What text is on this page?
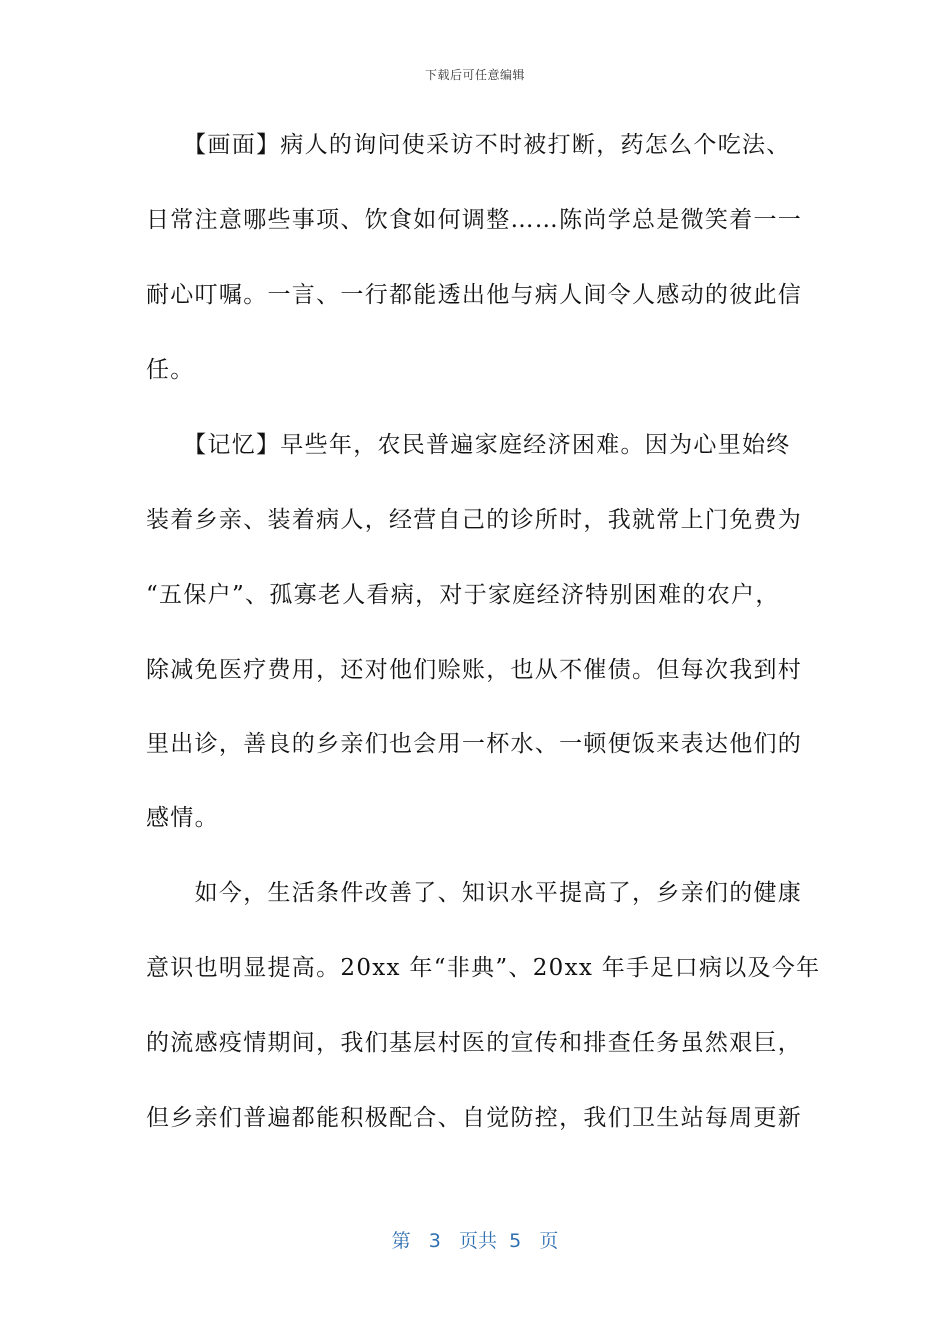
下载后可任意编辑
　　【画面】病人的询问使采访不时被打断，药怎么个吃法、
日常注意哪些事项、饮食如何调整……陈尚学总是微笑着一一
耐心叮嘱。一言、一行都能透出他与病人间令人感动的彼此信
任。
　　【记忆】早些年，农民普遍家庭经济困难。因为心里始终
装着乡亲、装着病人，经营自己的诊所时，我就常上门免费为
“五保户”、孤寡老人看病，对于家庭经济特别困难的农户，
除减免医疗费用，还对他们赊账，也从不催债。但每次我到村
里出诊，善良的乡亲们也会用一杯水、一顿便饭来表达他们的
感情。
　　如今，生活条件改善了、知识水平提高了，乡亲们的健康
意识也明显提高。20xx 年“非典”、20xx 年手足口病以及今年
的流感疫情期间，我们基层村医的宣传和排查任务虽然艰巨，
但乡亲们普遍都能积极配合、自觉防控，我们卫生站每周更新
第 3 页共 5 页
